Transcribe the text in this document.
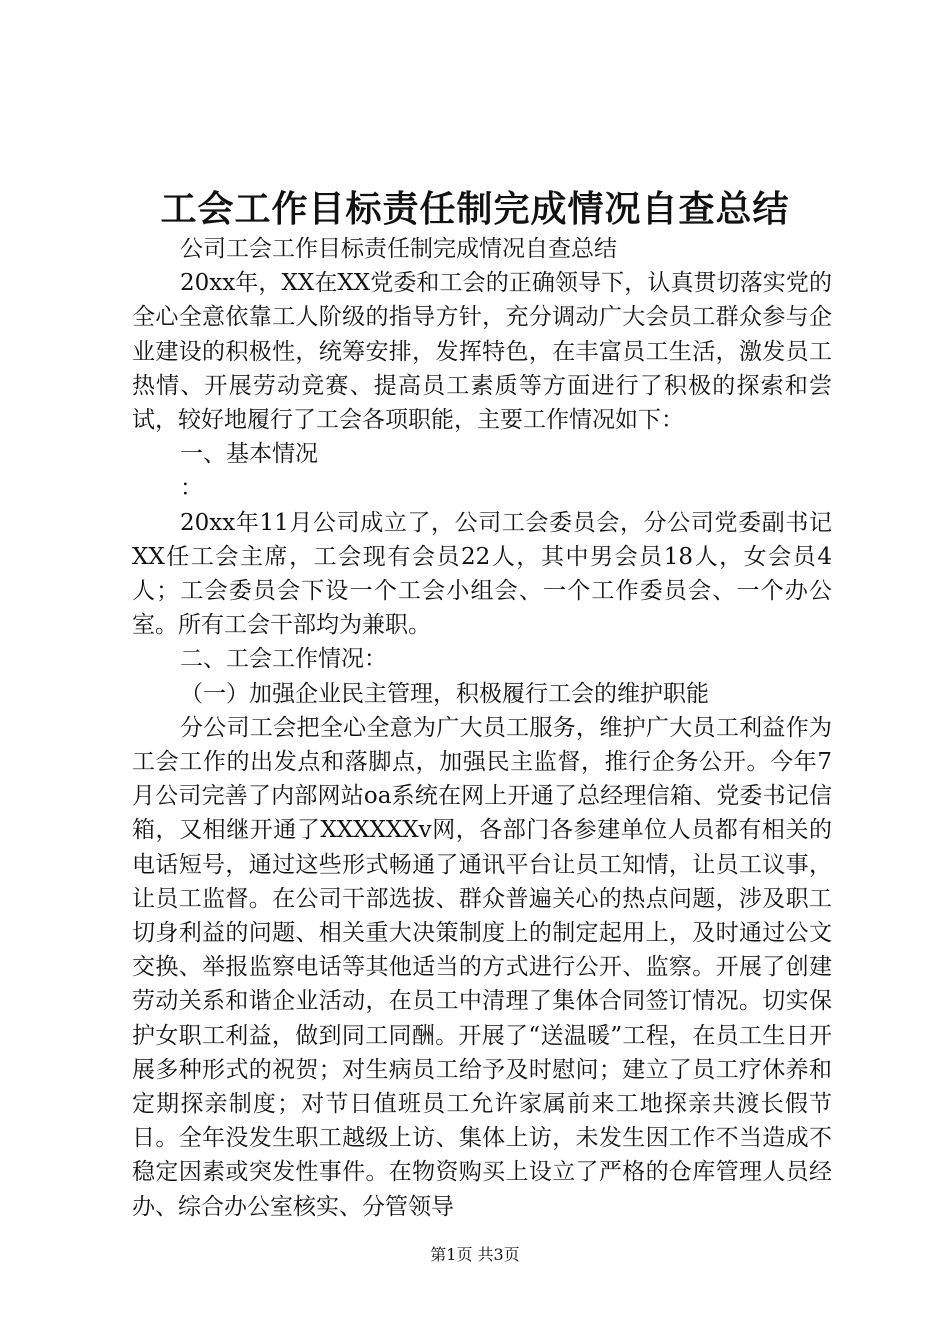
工会工作目标责任制完成情况自查总结

公司工会工作目标责任制完成情况自查总结

20xx年，XX在XX党委和工会的正确领导下，认真贯切落实党的全心全意依靠工人阶级的指导方针，充分调动广大会员工群众参与企业建设的积极性，统筹安排，发挥特色，在丰富员工生活，激发员工热情、开展劳动竞赛、提高员工素质等方面进行了积极的探索和尝试，较好地履行了工会各项职能，主要工作情况如下：

一、基本情况

：

20xx年11月公司成立了，公司工会委员会，分公司党委副书记XX任工会主席，工会现有会员22人，其中男会员18人，女会员4人；工会委员会下设一个工会小组会、一个工作委员会、一个办公室。所有工会干部均为兼职。

二、工会工作情况：

（一）加强企业民主管理，积极履行工会的维护职能

分公司工会把全心全意为广大员工服务，维护广大员工利益作为工会工作的出发点和落脚点，加强民主监督，推行企务公开。今年7月公司完善了内部网站oa系统在网上开通了总经理信箱、党委书记信箱，又相继开通了XXXXXXv网，各部门各参建单位人员都有相关的电话短号，通过这些形式畅通了通讯平台让员工知情，让员工议事，让员工监督。在公司干部选拔、群众普遍关心的热点问题，涉及职工切身利益的问题、相关重大决策制度上的制定起用上，及时通过公文交换、举报监察电话等其他适当的方式进行公开、监察。开展了创建劳动关系和谐企业活动，在员工中清理了集体合同签订情况。切实保护女职工利益，做到同工同酬。开展了“送温暖”工程，在员工生日开展多种形式的祝贺；对生病员工给予及时慰问；建立了员工疗休养和定期探亲制度；对节日值班员工允许家属前来工地探亲共渡长假节日。全年没发生职工越级上访、集体上访，未发生因工作不当造成不稳定因素或突发性事件。在物资购买上设立了严格的仓库管理人员经办、综合办公室核实、分管领导

第1页 共3页
